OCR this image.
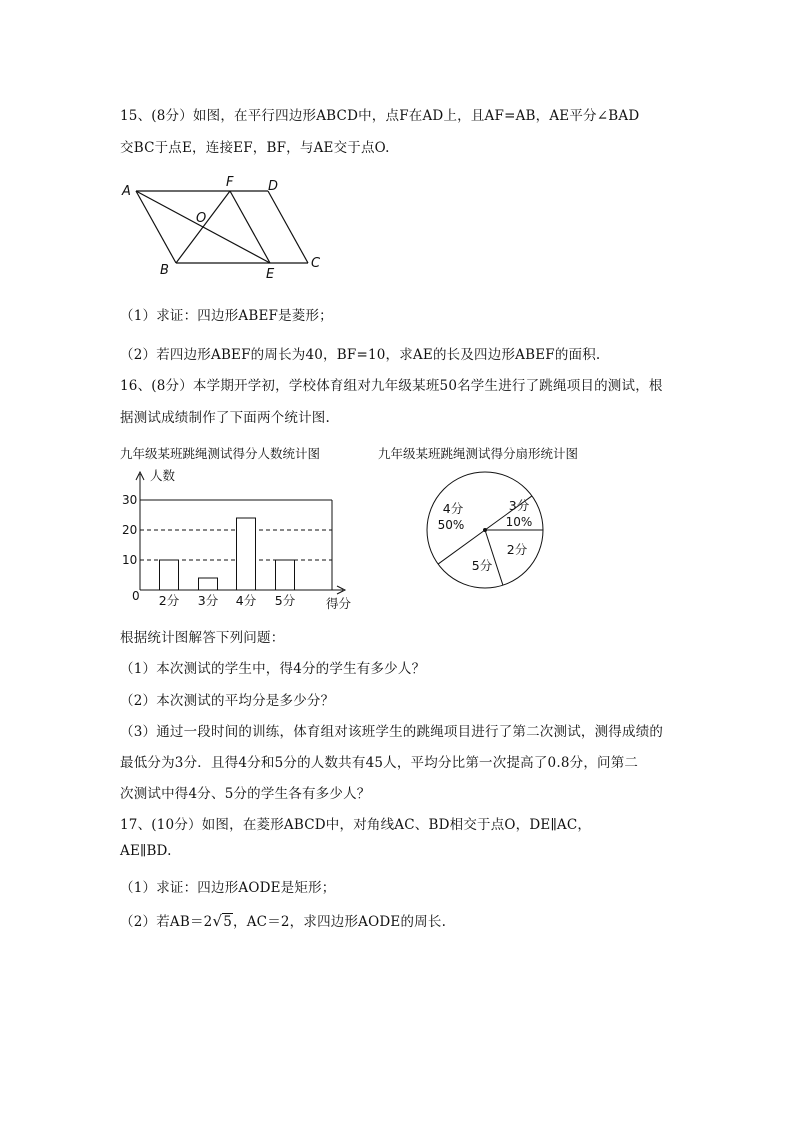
15、(8分）如图，在平行四边形ABCD中，点F在AD上，且AF=AB，AE平分∠BAD
交BC于点E，连接EF，BF，与AE交于点O.
A
F	D
O
B	E
C
（1）求证：四边形ABEF是菱形；
（2）若四边形ABEF的周长为40，BF=10，求AE的长及四边形ABEF的面积.
16、(8分）本学期开学初，学校体育组对九年级某班50名学生进行了跳绳项目的测试，根
据测试成绩制作了下面两个统计图.
九年级某班跳绳测试得分人数统计图	九年级某班跳绳测试得分扇形统计图
人数
得分
0
10
20
30
2分 3分 4分 5分
4分
50%
3分
10%
2分
5分
根据统计图解答下列问题：
（1）本次测试的学生中，得4分的学生有多少人？
（2）本次测试的平均分是多少分？
（3）通过一段时间的训练，体育组对该班学生的跳绳项目进行了第二次测试，测得成绩的
最低分为3分．且得4分和5分的人数共有45人，平均分比第一次提高了0.8分，问第二
次测试中得4分、5分的学生各有多少人？
17、(10分）如图，在菱形ABCD中，对角线AC、BD相交于点O，DE∥AC，
AE∥BD.
（1）求证：四边形AODE是矩形；
（2）若AB＝2√5，AC＝2，求四边形AODE的周长.
